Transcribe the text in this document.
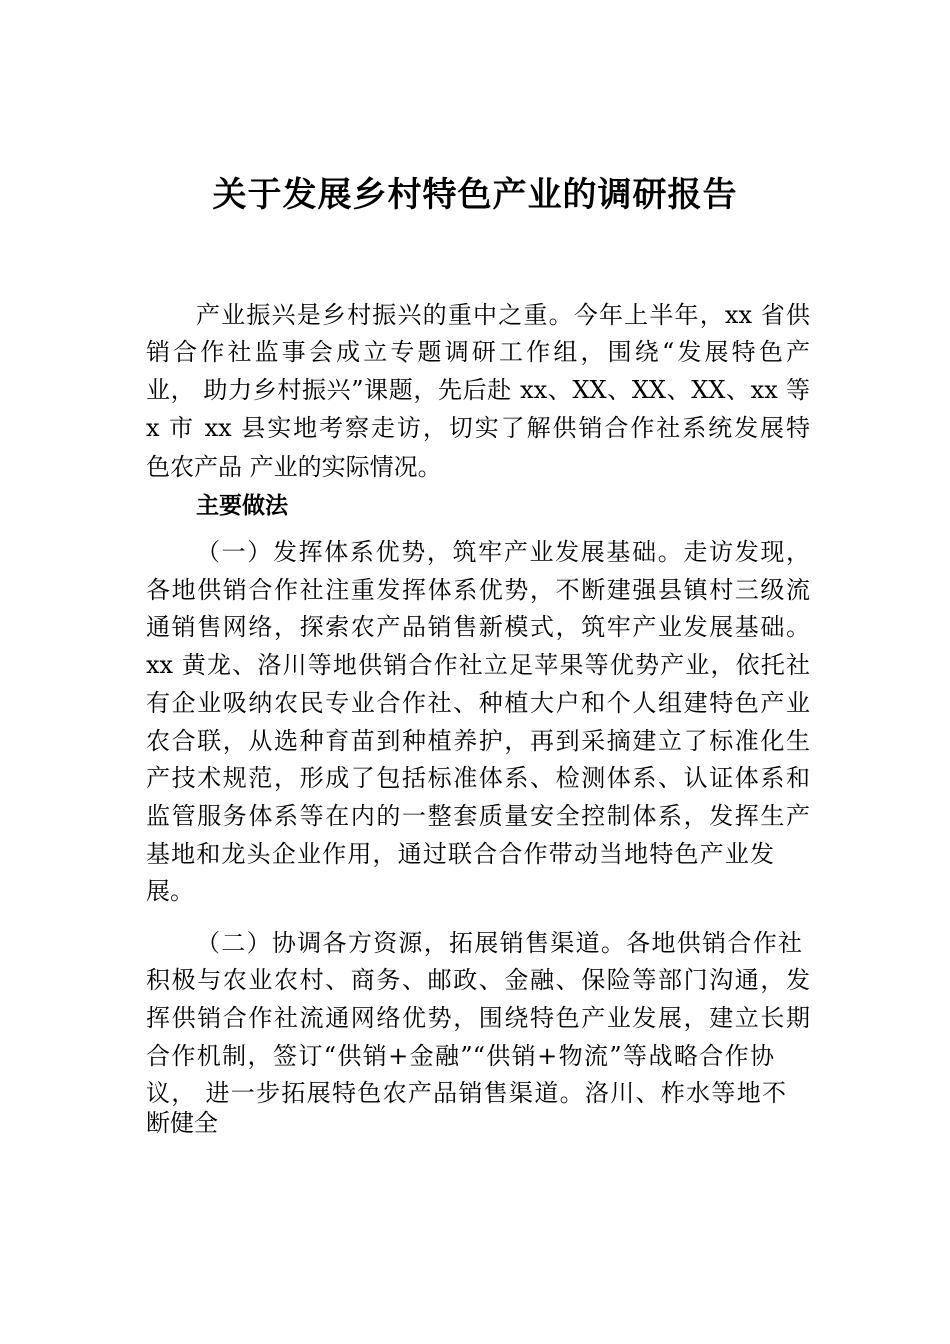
关于发展乡村特色产业的调研报告
产业振兴是乡村振兴的重中之重。今年上半年，xx 省供
销合作社监事会成立专题调研工作组，围绕“发展特色产
业， 助力乡村振兴”课题，先后赴 xx、XX、XX、XX、xx 等
x 市 xx 县实地考察走访，切实了解供销合作社系统发展特
色农产品 产业的实际情况。
主要做法
（一）发挥体系优势，筑牢产业发展基础。走访发现，
各地供销合作社注重发挥体系优势，不断建强县镇村三级流
通销售网络，探索农产品销售新模式，筑牢产业发展基础。
xx 黄龙、洛川等地供销合作社立足苹果等优势产业，依托社
有企业吸纳农民专业合作社、种植大户和个人组建特色产业
农合联，从选种育苗到种植养护，再到采摘建立了标准化生
产技术规范，形成了包括标准体系、检测体系、认证体系和
监管服务体系等在内的一整套质量安全控制体系，发挥生产
基地和龙头企业作用，通过联合合作带动当地特色产业发
展。
（二）协调各方资源，拓展销售渠道。各地供销合作社
积极与农业农村、商务、邮政、金融、保险等部门沟通，发
挥供销合作社流通网络优势，围绕特色产业发展，建立长期
合作机制，签订“供销+金融”“供销+物流”等战略合作协
议， 进一步拓展特色农产品销售渠道。洛川、柞水等地不
断健全
